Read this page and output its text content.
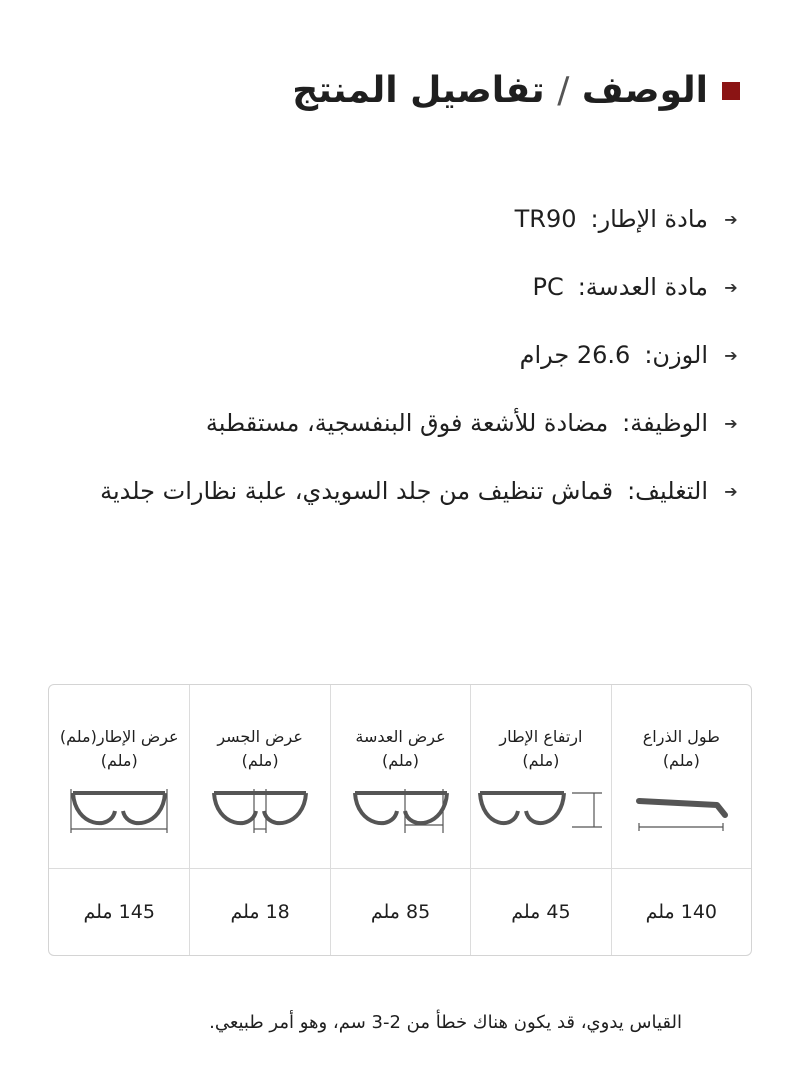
الوصف / تفاصيل المنتج
➔
مادة الإطار:
TR90
➔
مادة العدسة:
PC
➔
الوزن:
26.6 جرام
➔
الوظيفة:
مضادة للأشعة فوق البنفسجية، مستقطبة
➔
التغليف:
قماش تنظيف من جلد السويدي، علبة نظارات جلدية
طول الذراع
(ملم)
ارتفاع الإطار
(ملم)
عرض العدسة
(ملم)
عرض الجسر
(ملم)
عرض الإطار(ملم)
(ملم)
140 ملم
45 ملم
85 ملم
18 ملم
145 ملم
القياس يدوي، قد يكون هناك خطأ من 2-3 سم، وهو أمر طبيعي.
